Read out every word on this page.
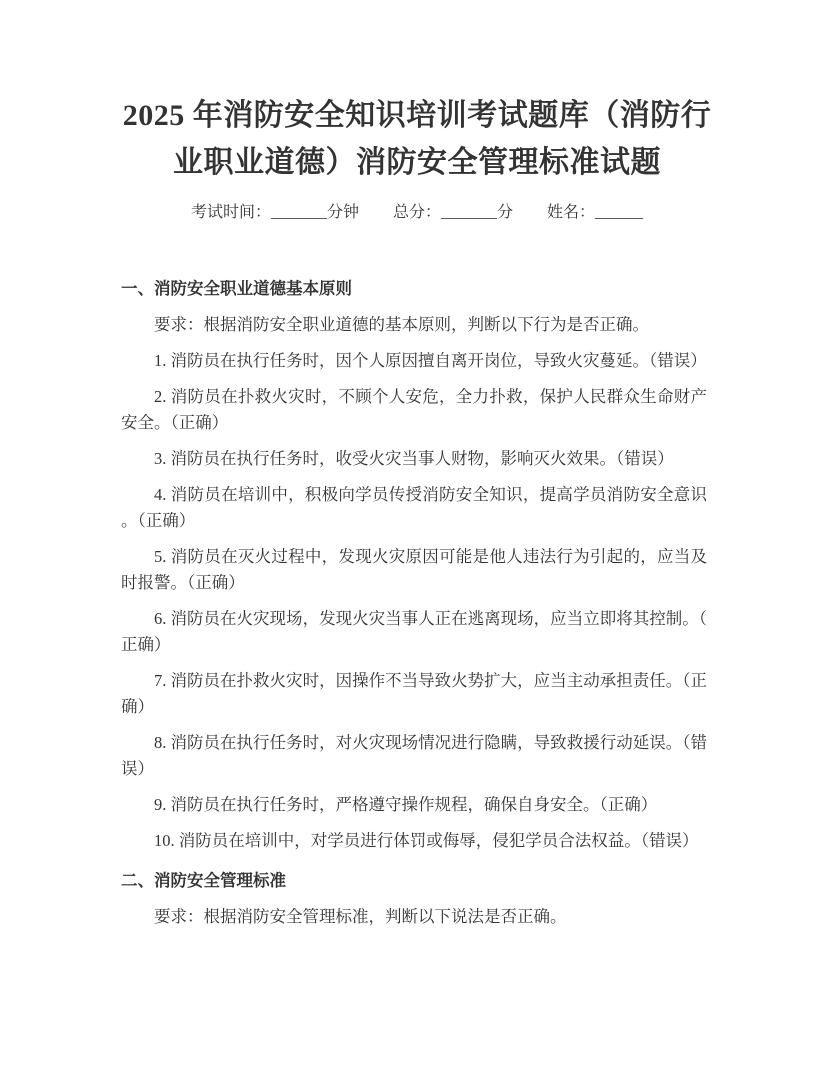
2025 年消防安全知识培训考试题库（消防行
业职业道德）消防安全管理标准试题
考试时间：_______分钟 总分：_______分 姓名：______
一、消防安全职业道德基本原则

要求：根据消防安全职业道德的基本原则，判断以下行为是否正确。

1. 消防员在执行任务时，因个人原因擅自离开岗位，导致火灾蔓延。（错误）

2. 消防员在扑救火灾时，不顾个人安危，全力扑救，保护人民群众生命财产安全。（正确）

3. 消防员在执行任务时，收受火灾当事人财物，影响灭火效果。（错误）

4. 消防员在培训中，积极向学员传授消防安全知识，提高学员消防安全意识。（正确）

5. 消防员在灭火过程中，发现火灾原因可能是他人违法行为引起的，应当及时报警。（正确）

6. 消防员在火灾现场，发现火灾当事人正在逃离现场，应当立即将其控制。（正确）

7. 消防员在扑救火灾时，因操作不当导致火势扩大，应当主动承担责任。（正确）

8. 消防员在执行任务时，对火灾现场情况进行隐瞒，导致救援行动延误。（错误）

9. 消防员在执行任务时，严格遵守操作规程，确保自身安全。（正确）

10. 消防员在培训中，对学员进行体罚或侮辱，侵犯学员合法权益。（错误）

二、消防安全管理标准

要求：根据消防安全管理标准，判断以下说法是否正确。
